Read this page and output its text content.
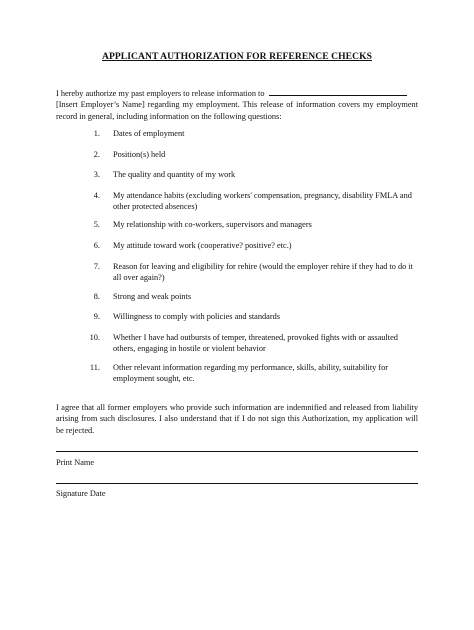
APPLICANT AUTHORIZATION FOR REFERENCE CHECKS
I hereby authorize my past employers to release information to
[Insert Employer’s Name] regarding my employment. This release of information covers my employment record in general, including information on the following questions:
1. Dates of employment
2. Position(s) held
3. The quality and quantity of my work
4. My attendance habits (excluding workers' compensation, pregnancy, disability FMLA and other protected absences)
5. My relationship with co-workers, supervisors and managers
6. My attitude toward work (cooperative? positive? etc.)
7. Reason for leaving and eligibility for rehire (would the employer rehire if they had to do it all over again?)
8. Strong and weak points
9. Willingness to comply with policies and standards
10. Whether I have had outbursts of temper, threatened, provoked fights with or assaulted others, engaging in hostile or violent behavior
11. Other relevant information regarding my performance, skills, ability, suitability for employment sought, etc.
I agree that all former employers who provide such information are indemnified and released from liability arising from such disclosures. I also understand that if I do not sign this Authorization, my application will be rejected.
Print Name
Signature Date
